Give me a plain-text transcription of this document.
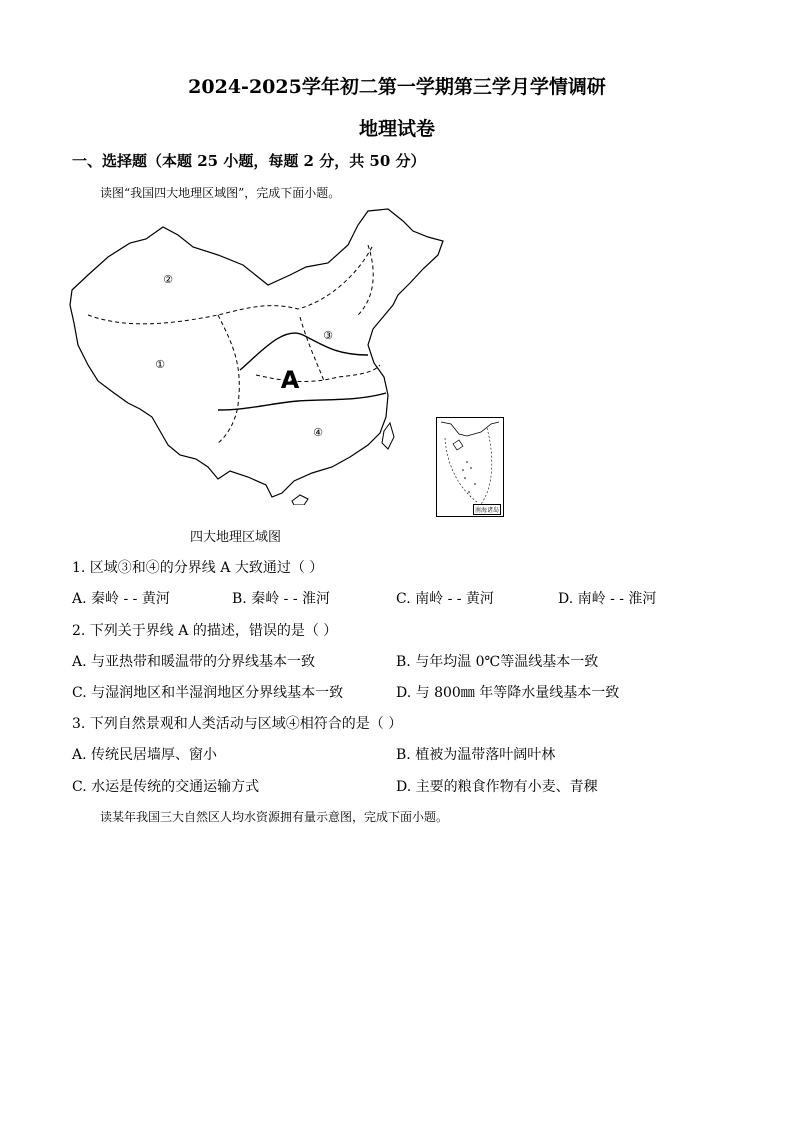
2024-2025学年初二第一学期第三学月学情调研
地理试卷
一、选择题（本题 25 小题，每题 2 分，共 50 分）
读图“我国四大地理区域图”，完成下面小题。
①
②
③
④
A
南海诸岛
四大地理区域图
1. 区域③和④的分界线 A 大致通过（ ）
A. 秦岭 - - 黄河	B. 秦岭 - - 淮河	C. 南岭 - - 黄河	D. 南岭 - - 淮河
2. 下列关于界线 A 的描述，错误的是（ ）
A. 与亚热带和暖温带的分界线基本一致	B. 与年均温 0℃等温线基本一致
C. 与湿润地区和半湿润地区分界线基本一致	D. 与 800㎜ 年等降水量线基本一致
3. 下列自然景观和人类活动与区域④相符合的是（ ）
A. 传统民居墙厚、窗小	B. 植被为温带落叶阔叶林
C. 水运是传统的交通运输方式	D. 主要的粮食作物有小麦、青稞
读某年我国三大自然区人均水资源拥有量示意图，完成下面小题。
